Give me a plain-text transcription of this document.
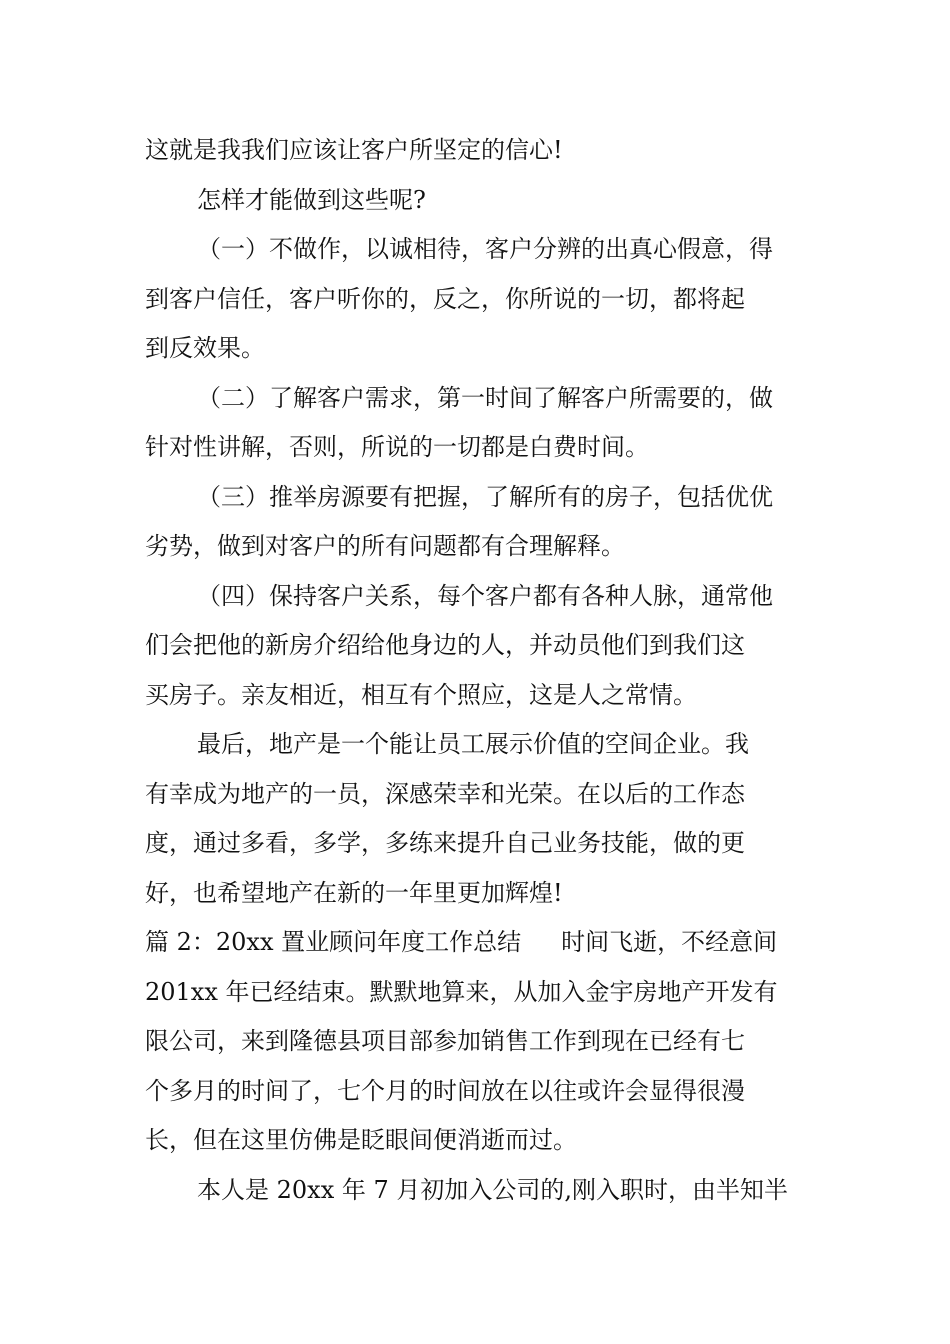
这就是我我们应该让客户所坚定的信心!
怎样才能做到这些呢?
（一）不做作，以诚相待，客户分辨的出真心假意，得
到客户信任，客户听你的，反之，你所说的一切，都将起
到反效果。
（二）了解客户需求，第一时间了解客户所需要的，做
针对性讲解，否则，所说的一切都是白费时间。
（三）推举房源要有把握，了解所有的房子，包括优优
劣势，做到对客户的所有问题都有合理解释。
（四）保持客户关系，每个客户都有各种人脉，通常他
们会把他的新房介绍给他身边的人，并动员他们到我们这
买房子。亲友相近，相互有个照应，这是人之常情。
最后，地产是一个能让员工展示价值的空间企业。我
有幸成为地产的一员，深感荣幸和光荣。在以后的工作态
度，通过多看，多学，多练来提升自己业务技能，做的更
好，也希望地产在新的一年里更加辉煌!
篇 2：20xx 置业顾问年度工作总结 时间飞逝，不经意间
201xx 年已经结束。默默地算来，从加入金宇房地产开发有
限公司，来到隆德县项目部参加销售工作到现在已经有七
个多月的时间了，七个月的时间放在以往或许会显得很漫
长，但在这里仿佛是眨眼间便消逝而过。
本人是 20xx 年 7 月初加入公司的,刚入职时，由半知半
